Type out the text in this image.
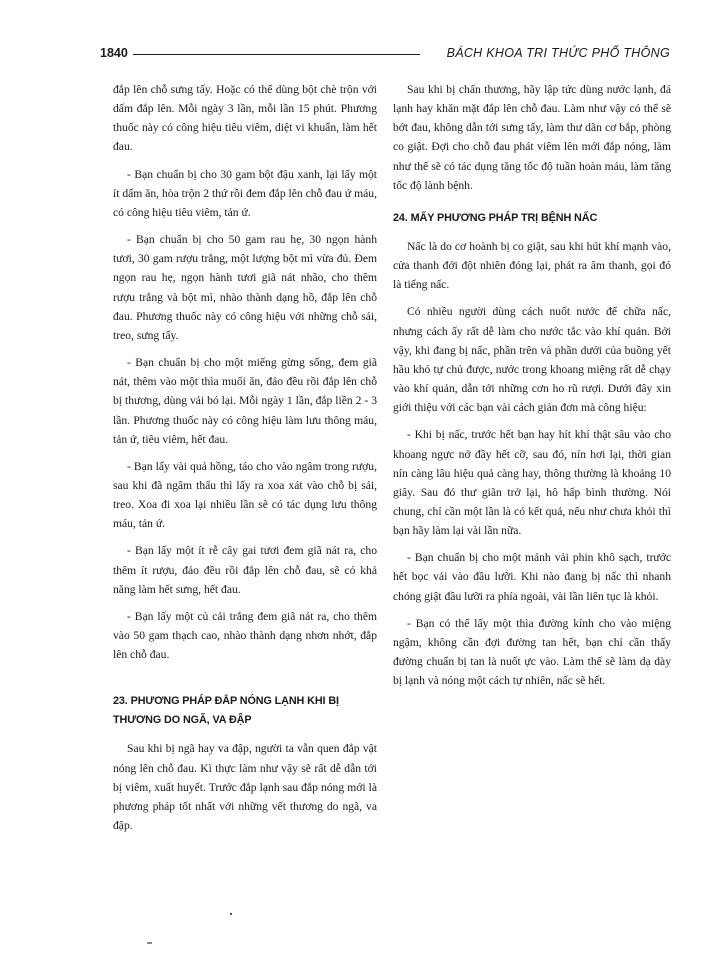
1840	BÁCH KHOA TRI THỨC PHỔ THÔNG

đắp lên chỗ sưng tấy. Hoặc có thể dùng bột chè trộn với dấm đắp lên. Mỗi ngày 3 lần, mỗi lần 15 phút. Phương thuốc này có công hiệu tiêu viêm, diệt vi khuẩn, làm hết đau.

- Bạn chuẩn bị cho 30 gam bột đậu xanh, lại lấy một ít dấm ăn, hòa trộn 2 thứ rồi đem đắp lên chỗ đau ứ máu, có công hiệu tiêu viêm, tản ứ.

- Bạn chuẩn bị cho 50 gam rau hẹ, 30 ngọn hành tươi, 30 gam rượu trắng, một lượng bột mì vừa đủ. Đem ngọn rau hẹ, ngọn hành tươi giã nát nhão, cho thêm rượu trắng và bột mì, nhào thành dạng hồ, đắp lên chỗ đau. Phương thuốc này có công hiệu với những chỗ sái, treo, sưng tấy.

- Bạn chuẩn bị cho một miếng gừng sống, đem giã nát, thêm vào một thìa muối ăn, đảo đều rồi đắp lên chỗ bị thương, dùng vải bó lại. Mỗi ngày 1 lần, đắp liền 2 - 3 lần. Phương thuốc này có công hiệu làm lưu thông máu, tản ứ, tiêu viêm, hết đau.

- Bạn lấy vài quả hồng, táo cho vào ngâm trong rượu, sau khi đã ngâm thấu thì lấy ra xoa xát vào chỗ bị sái, treo. Xoa đi xoa lại nhiều lần sẽ có tác dụng lưu thông máu, tản ứ.

- Bạn lấy một ít rễ cây gai tươi đem giã nát ra, cho thêm ít rượu, đảo đều rồi đắp lên chỗ đau, sẽ có khả năng làm hết sưng, hết đau.

- Bạn lấy một củ cải trắng đem giã nát ra, cho thêm vào 50 gam thạch cao, nhào thành dạng nhơn nhớt, đắp lên chỗ đau.

23. PHƯƠNG PHÁP ĐẮP NÓNG LẠNH KHI BỊ THƯƠNG DO NGÃ, VA ĐẬP

Sau khi bị ngã hay va đập, người ta vẫn quen đắp vật nóng lên chỗ đau. Kì thực làm như vậy sẽ rất dễ dẫn tới bị viêm, xuất huyết. Trước đắp lạnh sau đắp nóng mới là phương pháp tốt nhất với những vết thương do ngã, va đập.

Sau khi bị chấn thương, hãy lập tức dùng nước lạnh, đá lạnh hay khăn mặt đắp lên chỗ đau. Làm như vậy có thể sẽ bớt đau, không dẫn tới sưng tấy, làm thư dãn cơ bắp, phòng co giật. Đợi cho chỗ đau phát viêm lên mới đắp nóng, làm như thế sẽ có tác dụng tăng tốc độ tuần hoàn máu, làm tăng tốc độ lành bệnh.

24. MẤY PHƯƠNG PHÁP TRỊ BỆNH NẤC

Nấc là do cơ hoành bị co giật, sau khi hút khí mạnh vào, cửa thanh đới đột nhiên đóng lại, phát ra âm thanh, gọi đó là tiếng nấc.

Có nhiều người dùng cách nuốt nước để chữa nấc, nhưng cách ấy rất dễ làm cho nước tắc vào khí quản. Bởi vậy, khi đang bị nấc, phần trên và phần dưới của buồng yết hầu khó tự chủ được, nước trong khoang miệng rất dễ chạy vào khí quản, dẫn tới những cơn ho rũ rượi. Dưới đây xin giới thiệu với các bạn vài cách giản đơn mà công hiệu:

- Khi bị nấc, trước hết bạn hay hít khí thật sâu vào cho khoang ngực nở đầy hết cỡ, sau đó, nín hơi lại, thời gian nín càng lâu hiệu quả càng hay, thông thường là khoảng 10 giây. Sau đó thư giãn trở lại, hô hấp bình thường. Nói chung, chỉ cần một lần là có kết quả, nếu như chưa khỏi thì bạn hãy làm lại vài lần nữa.

- Bạn chuẩn bị cho một mảnh vải phin khô sạch, trước hết bọc vải vào đầu lưỡi. Khi nào đang bị nấc thì nhanh chóng giật đầu lưỡi ra phía ngoài, vài lần liên tục là khỏi.

- Bạn có thể lấy một thìa đường kính cho vào miệng ngậm, không cần đợi đường tan hết, bạn chỉ cần thấy đường chuẩn bị tan là nuốt ực vào. Làm thế sẽ làm dạ dày bị lạnh và nóng một cách tự nhiên, nấc sẽ hết.
